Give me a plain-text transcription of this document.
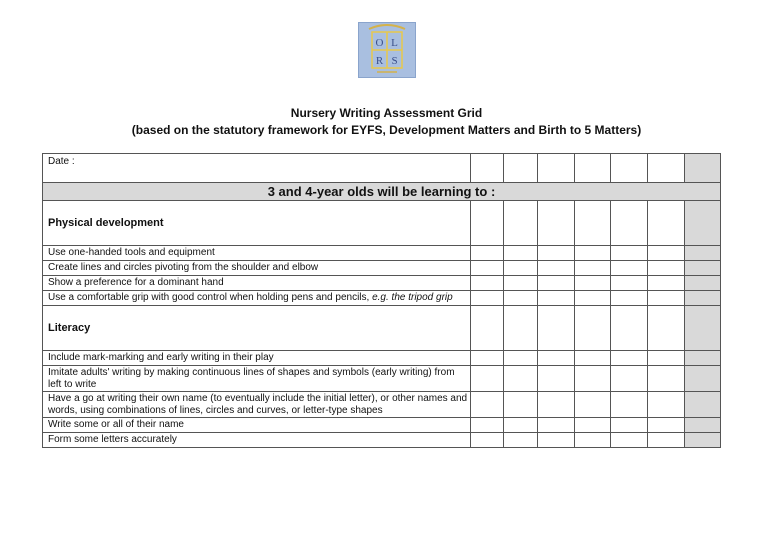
O L
R S
Nursery Writing Assessment Grid
(based on the statutory framework for EYFS, Development Matters and Birth to 5 Matters)
Date :							
3 and 4-year olds will be learning to :							
Physical development							
Use one-handed tools and equipment							
Create lines and circles pivoting from the shoulder and elbow							
Show a preference for a dominant hand							
Use a comfortable grip with good control when holding pens and pencils, e.g. the tripod grip							
Literacy							
Include mark-marking and early writing in their play							
Imitate adults' writing by making continuous lines of shapes and symbols (early writing) from left to write							
Have a go at writing their own name (to eventually include the initial letter), or other names and words, using combinations of lines, circles and curves, or letter-type shapes							
Write some or all of their name							
Form some letters accurately							
